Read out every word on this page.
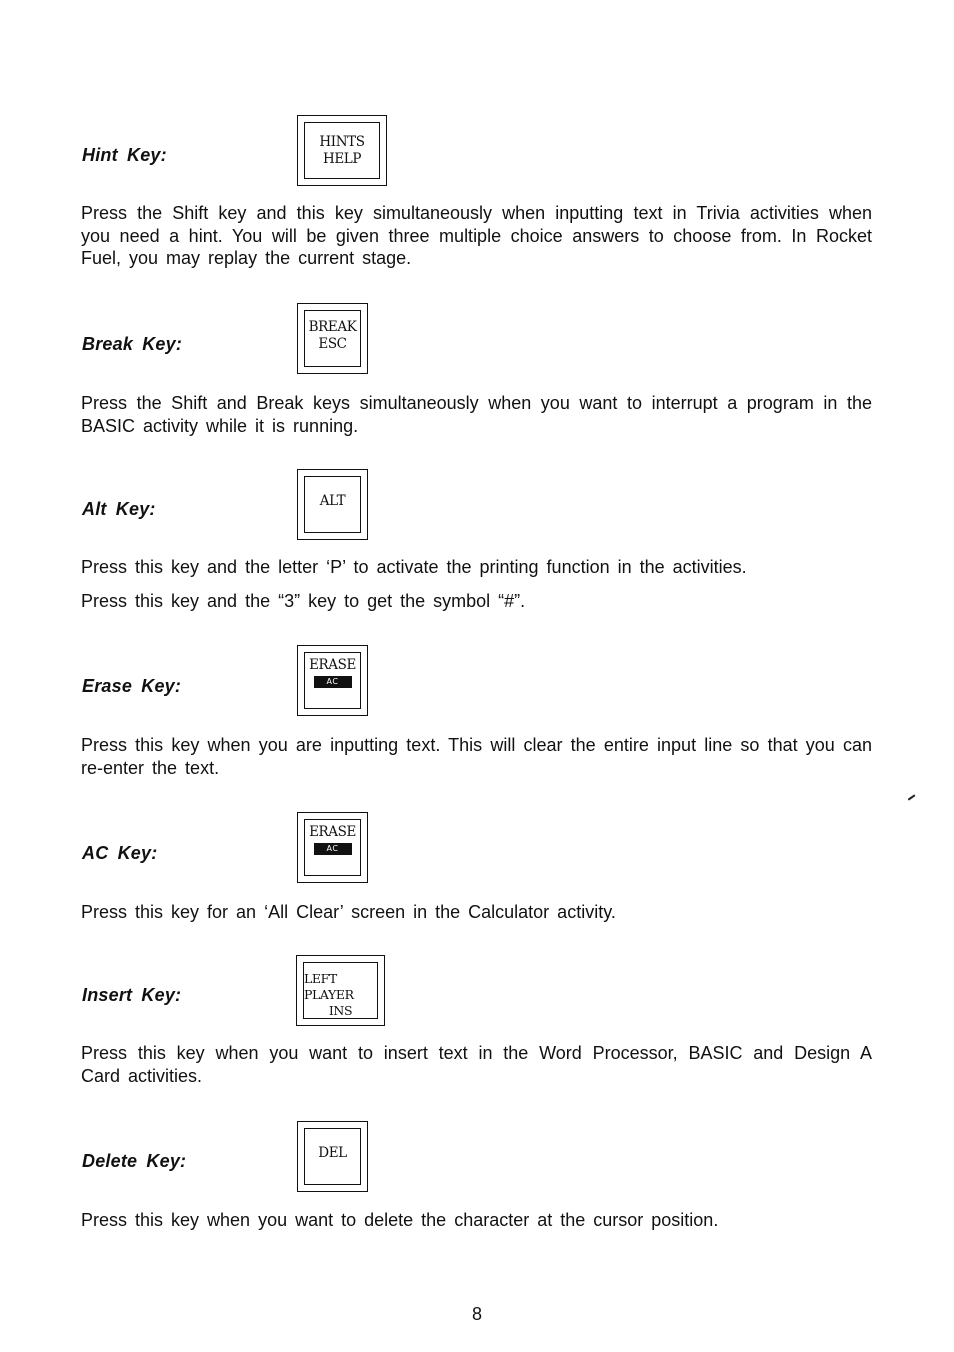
Hint Key:
HINTS
HELP

Press the Shift key and this key simultaneously when inputting text in Trivia activities when you need a hint. You will be given three multiple choice answers to choose from. In Rocket Fuel, you may replay the current stage.

Break Key:
BREAK
ESC

Press the Shift and Break keys simultaneously when you want to interrupt a program in the BASIC activity while it is running.

Alt Key:	ALT

Press this key and the letter ‘P’ to activate the printing function in the activities.

Press this key and the “3” key to get the symbol “#”.

Erase Key:
ERASE
AC

Press this key when you are inputting text. This will clear the entire input line so that you can re-enter the text.

AC Key:
ERASE
AC

Press this key for an ‘All Clear’ screen in the Calculator activity.

Insert Key:
LEFT PLAYER
INS

Press this key when you want to insert text in the Word Processor, BASIC and Design A Card activities.

Delete Key:	DEL

Press this key when you want to delete the character at the cursor position.

8
